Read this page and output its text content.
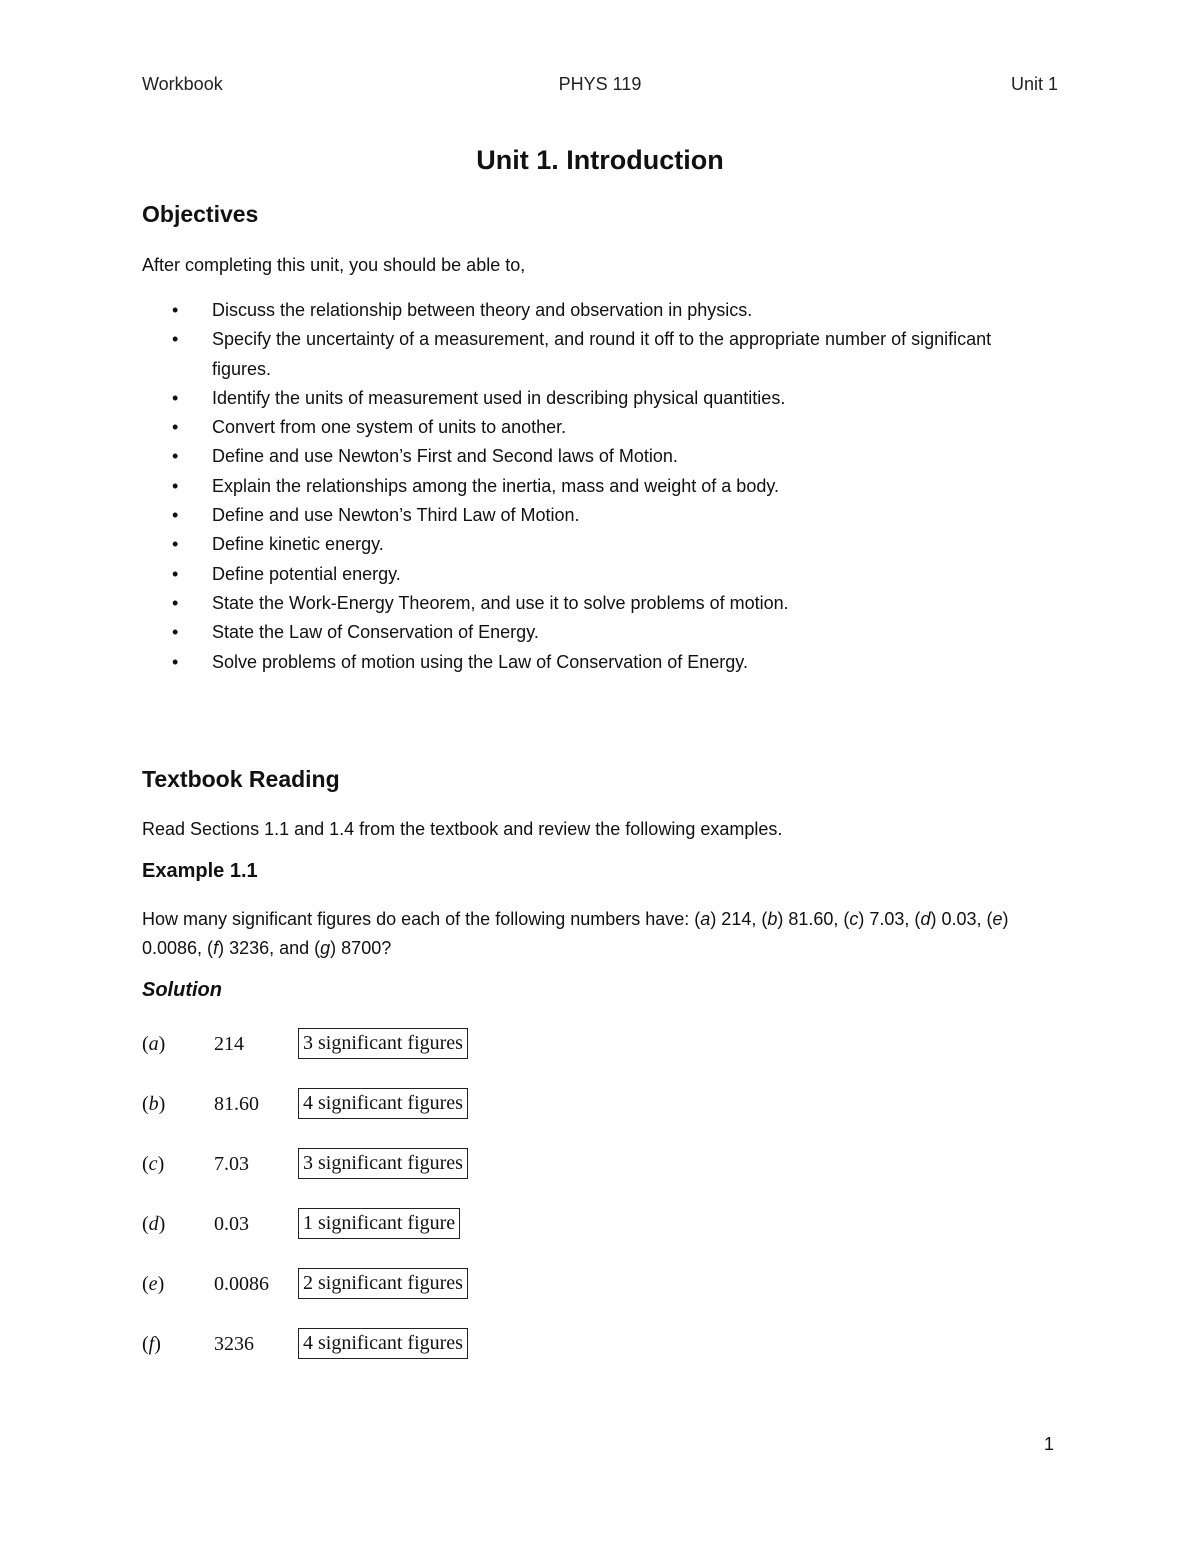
Workbook	PHYS 119	Unit 1
Unit 1. Introduction
Objectives

After completing this unit, you should be able to,

• Discuss the relationship between theory and observation in physics.
• Specify the uncertainty of a measurement, and round it off to the appropriate number of significant figures.
• Identify the units of measurement used in describing physical quantities.
• Convert from one system of units to another.
• Define and use Newton’s First and Second laws of Motion.
• Explain the relationships among the inertia, mass and weight of a body.
• Define and use Newton’s Third Law of Motion.
• Define kinetic energy.
• Define potential energy.
• State the Work-Energy Theorem, and use it to solve problems of motion.
• State the Law of Conservation of Energy.
• Solve problems of motion using the Law of Conservation of Energy.
Textbook Reading

Read Sections 1.1 and 1.4 from the textbook and review the following examples.

Example 1.1

How many significant figures do each of the following numbers have: (a) 214, (b) 81.60, (c) 7.03, (d) 0.03, (e) 0.0086, (f) 3236, and (g) 8700?

Solution
(a) 214	3 significant figures
(b) 81.60 4 significant figures
(c) 7.03	3 significant figures
(d) 0.03	1 significant figure
(e) 0.0086 2 significant figures
(f)	3236 4 significant figures
1
